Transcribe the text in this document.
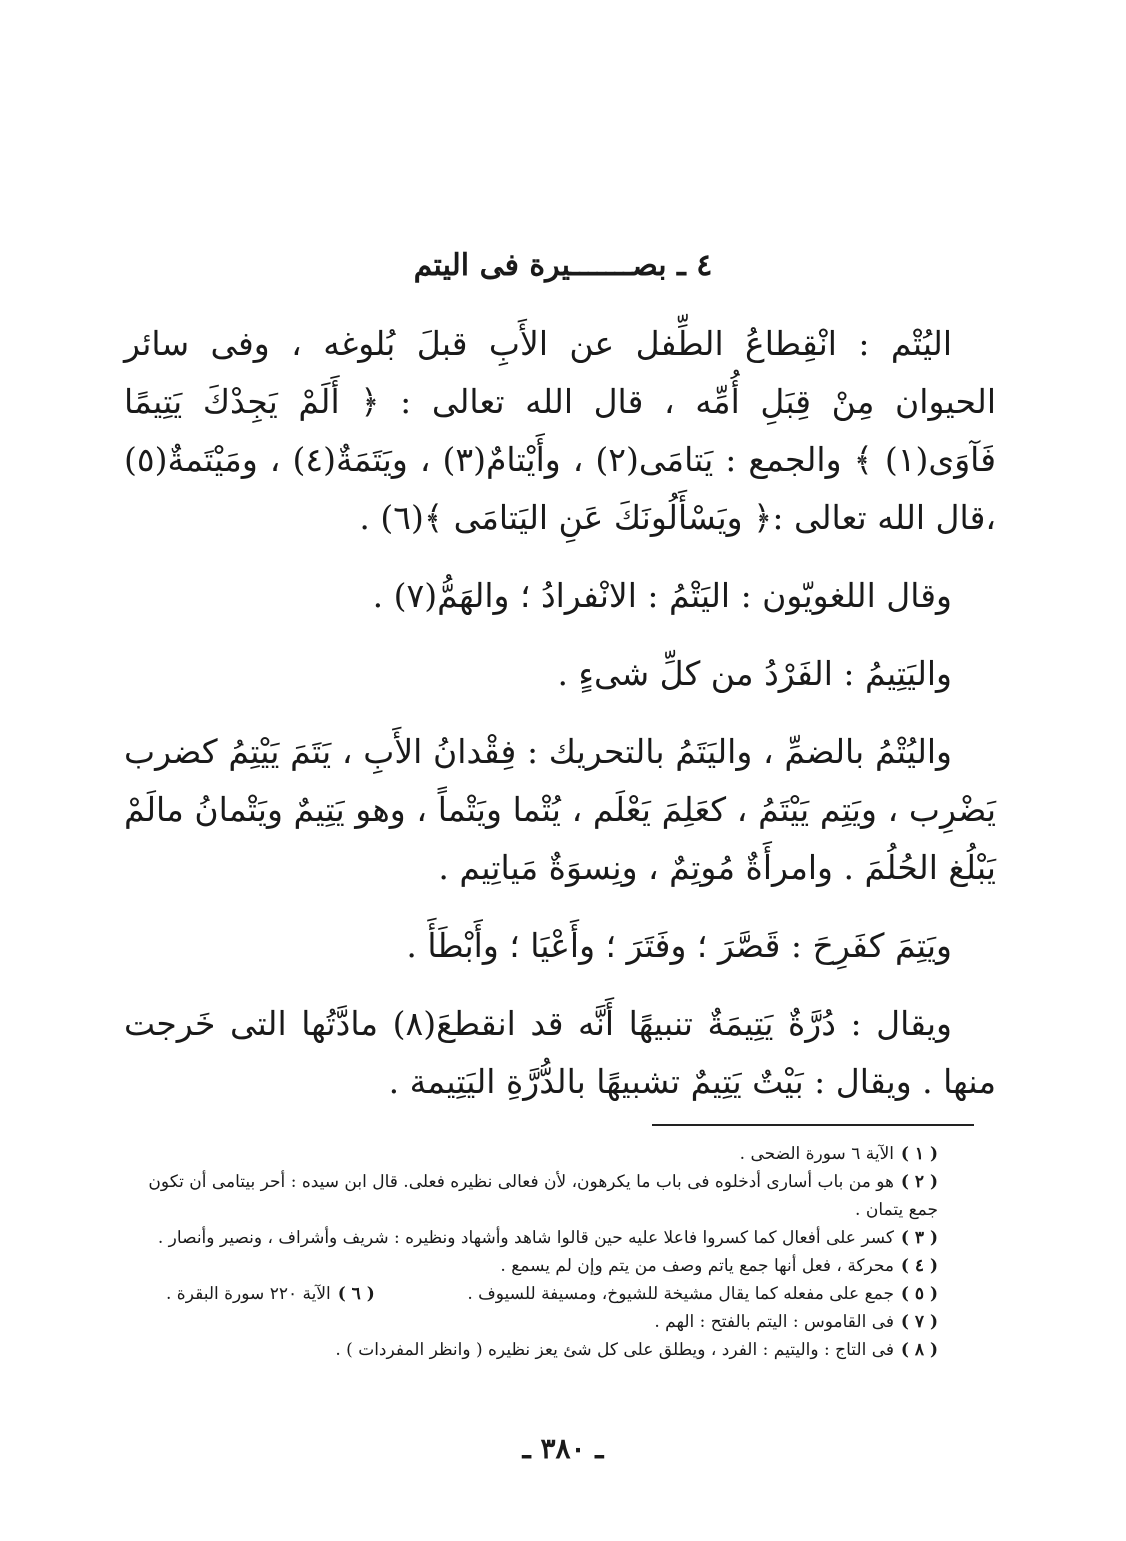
٤ ـ بصـــــــيرة فى اليتم

اليُتْم : انْقِطاعُ الطِّفل عن الأَبِ قبلَ بُلوغه ، وفى سائر الحيوان مِنْ قِبَلِ أُمِّه ، قال الله تعالى : ﴿ أَلَمْ يَجِدْكَ يَتِيمًا فَآوَى(١) ﴾ والجمع : يَتامَى(٢) ، وأَيْتامٌ(٣) ، ويَتَمَةٌ(٤) ، ومَيْتَمةٌ(٥) ،قال الله تعالى :﴿ ويَسْأَلُونَكَ عَنِ اليَتامَى ﴾(٦) .

وقال اللغويّون : اليَتْمُ : الانْفرادُ ؛ والهَمُّ(٧) .

واليَتِيمُ : الفَرْدُ من كلِّ شىءٍ .

واليُتْمُ بالضمِّ ، واليَتَمُ بالتحريك : فِقْدانُ الأَبِ ، يَتَمَ يَيْتِمُ كضرب يَضْرِب ، ويَتِم يَيْتَمُ ، كعَلِمَ يَعْلَم ، يُتْما ويَتْماً ، وهو يَتِيمٌ ويَتْمانُ مالَمْ يَبْلُغ الحُلُمَ . وامرأَةٌ مُوتِمٌ ، ونِسوَةٌ مَياتِيم .

ويَتِمَ كفَرِحَ : قَصَّرَ ؛ وفَتَرَ ؛ وأَعْيَا ؛ وأَبْطَأَ .

ويقال : دُرَّةٌ يَتِيمَةٌ تنبيهًا أَنَّه قد انقطعَ(٨) مادَّتُها التى خَرجت منها . ويقال : بَيْتٌ يَتِيمٌ تشبيهًا بالدُّرَّةِ اليَتِيمة .

( ١ )الآية ٦ سورة الضحى .

( ٢ )هو من باب أسارى أدخلوه فى باب ما يكرهون، لأن فعالى نظيره فعلى. قال ابن سيده : أحر بيتامى أن تكون جمع يتمان .

( ٣ )كسر على أفعال كما كسروا فاعلا عليه حين قالوا شاهد وأشهاد ونظيره : شريف وأشراف ، ونصير وأنصار .

( ٤ )محركة ، فعل أنها جمع ياتم وصف من يتم وإن لم يسمع .

( ٥ )جمع على مفعله كما يقال مشيخة للشيوخ، ومسيفة للسيوف .
( ٦ )الآية ٢٢٠ سورة البقرة .

( ٧ )فى القاموس : اليتم بالفتح : الهم .

( ٨ )فى التاج : واليتيم : الفرد ، ويطلق على كل شئ يعز نظيره ( وانظر المفردات ) .

ـ ٣٨٠ ـ
